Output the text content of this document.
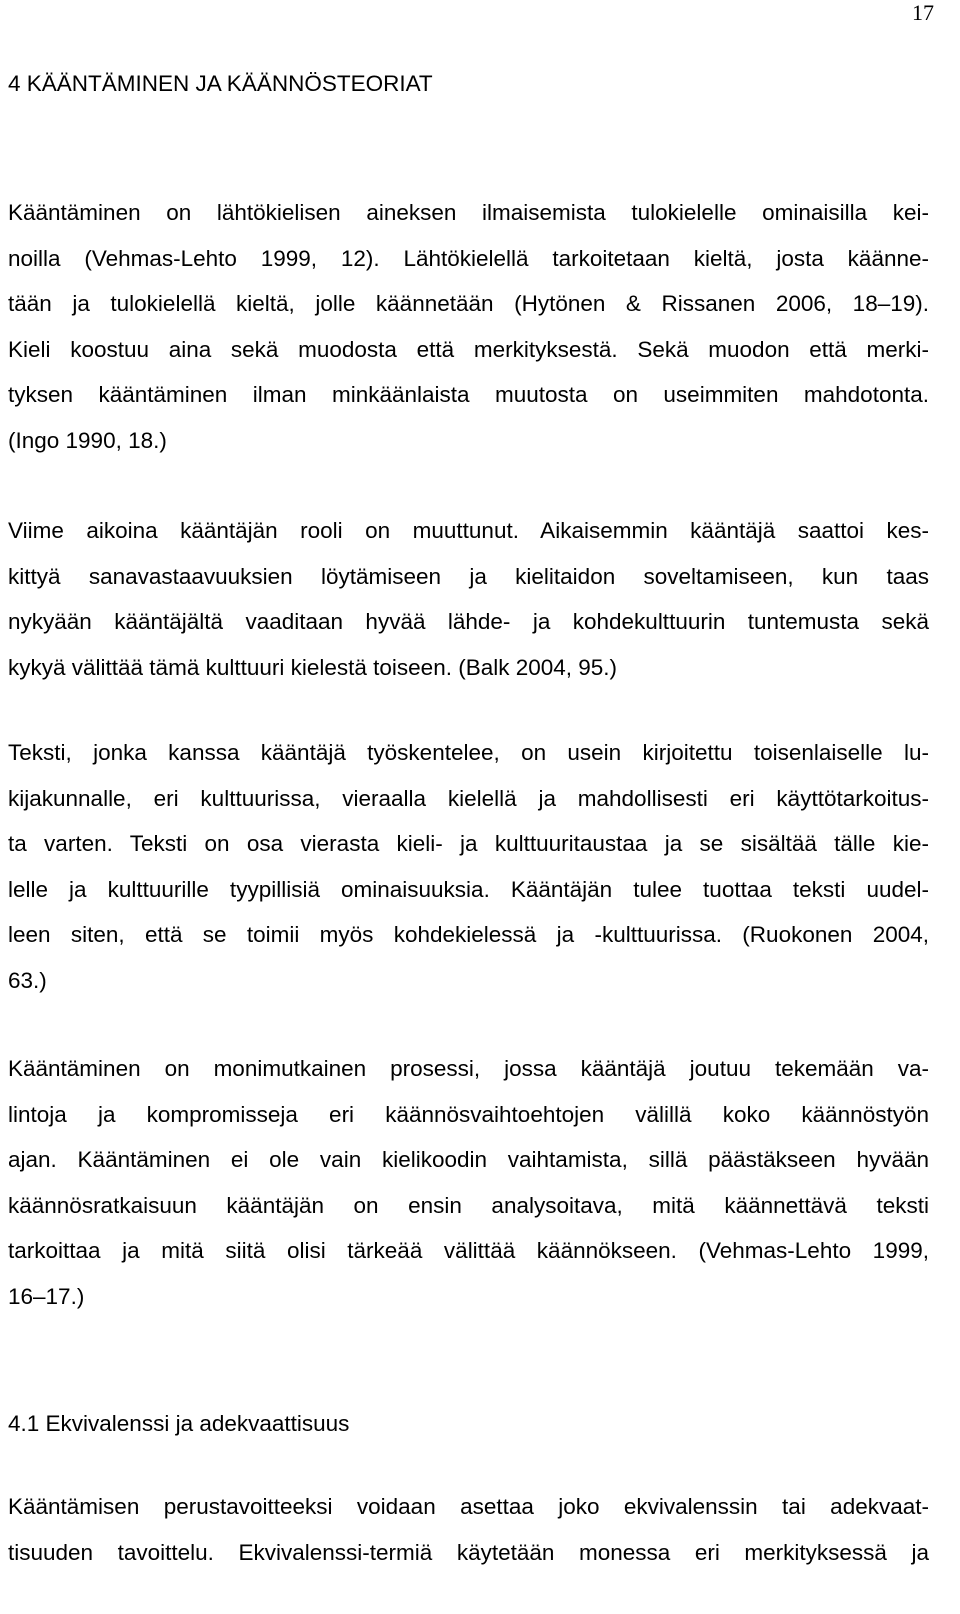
17
4 KÄÄNTÄMINEN JA KÄÄNNÖSTEORIAT
Kääntäminen on lähtökielisen aineksen ilmaisemista tulokielelle ominaisilla kei-
noilla (Vehmas-Lehto 1999, 12). Lähtökielellä tarkoitetaan kieltä, josta käänne-
tään ja tulokielellä kieltä, jolle käännetään (Hytönen & Rissanen 2006, 18–19).
Kieli koostuu aina sekä muodosta että merkityksestä. Sekä muodon että merki-
tyksen kääntäminen ilman minkäänlaista muutosta on useimmiten mahdotonta.
(Ingo 1990, 18.)
Viime aikoina kääntäjän rooli on muuttunut. Aikaisemmin kääntäjä saattoi kes-
kittyä sanavastaavuuksien löytämiseen ja kielitaidon soveltamiseen, kun taas
nykyään kääntäjältä vaaditaan hyvää lähde- ja kohdekulttuurin tuntemusta sekä
kykyä välittää tämä kulttuuri kielestä toiseen. (Balk 2004, 95.)
Teksti, jonka kanssa kääntäjä työskentelee, on usein kirjoitettu toisenlaiselle lu-
kijakunnalle, eri kulttuurissa, vieraalla kielellä ja mahdollisesti eri käyttötarkoitus-
ta varten. Teksti on osa vierasta kieli- ja kulttuuritaustaa ja se sisältää tälle kie-
lelle ja kulttuurille tyypillisiä ominaisuuksia. Kääntäjän tulee tuottaa teksti uudel-
leen siten, että se toimii myös kohdekielessä ja -kulttuurissa. (Ruokonen 2004,
63.)
Kääntäminen on monimutkainen prosessi, jossa kääntäjä joutuu tekemään va-
lintoja ja kompromisseja eri käännösvaihtoehtojen välillä koko käännöstyön
ajan. Kääntäminen ei ole vain kielikoodin vaihtamista, sillä päästäkseen hyvään
käännösratkaisuun kääntäjän on ensin analysoitava, mitä käännettävä teksti
tarkoittaa ja mitä siitä olisi tärkeää välittää käännökseen. (Vehmas-Lehto 1999,
16–17.)
4.1 Ekvivalenssi ja adekvaattisuus
Kääntämisen perustavoitteeksi voidaan asettaa joko ekvivalenssin tai adekvaat-
tisuuden tavoittelu. Ekvivalenssi-termiä käytetään monessa eri merkityksessä ja
